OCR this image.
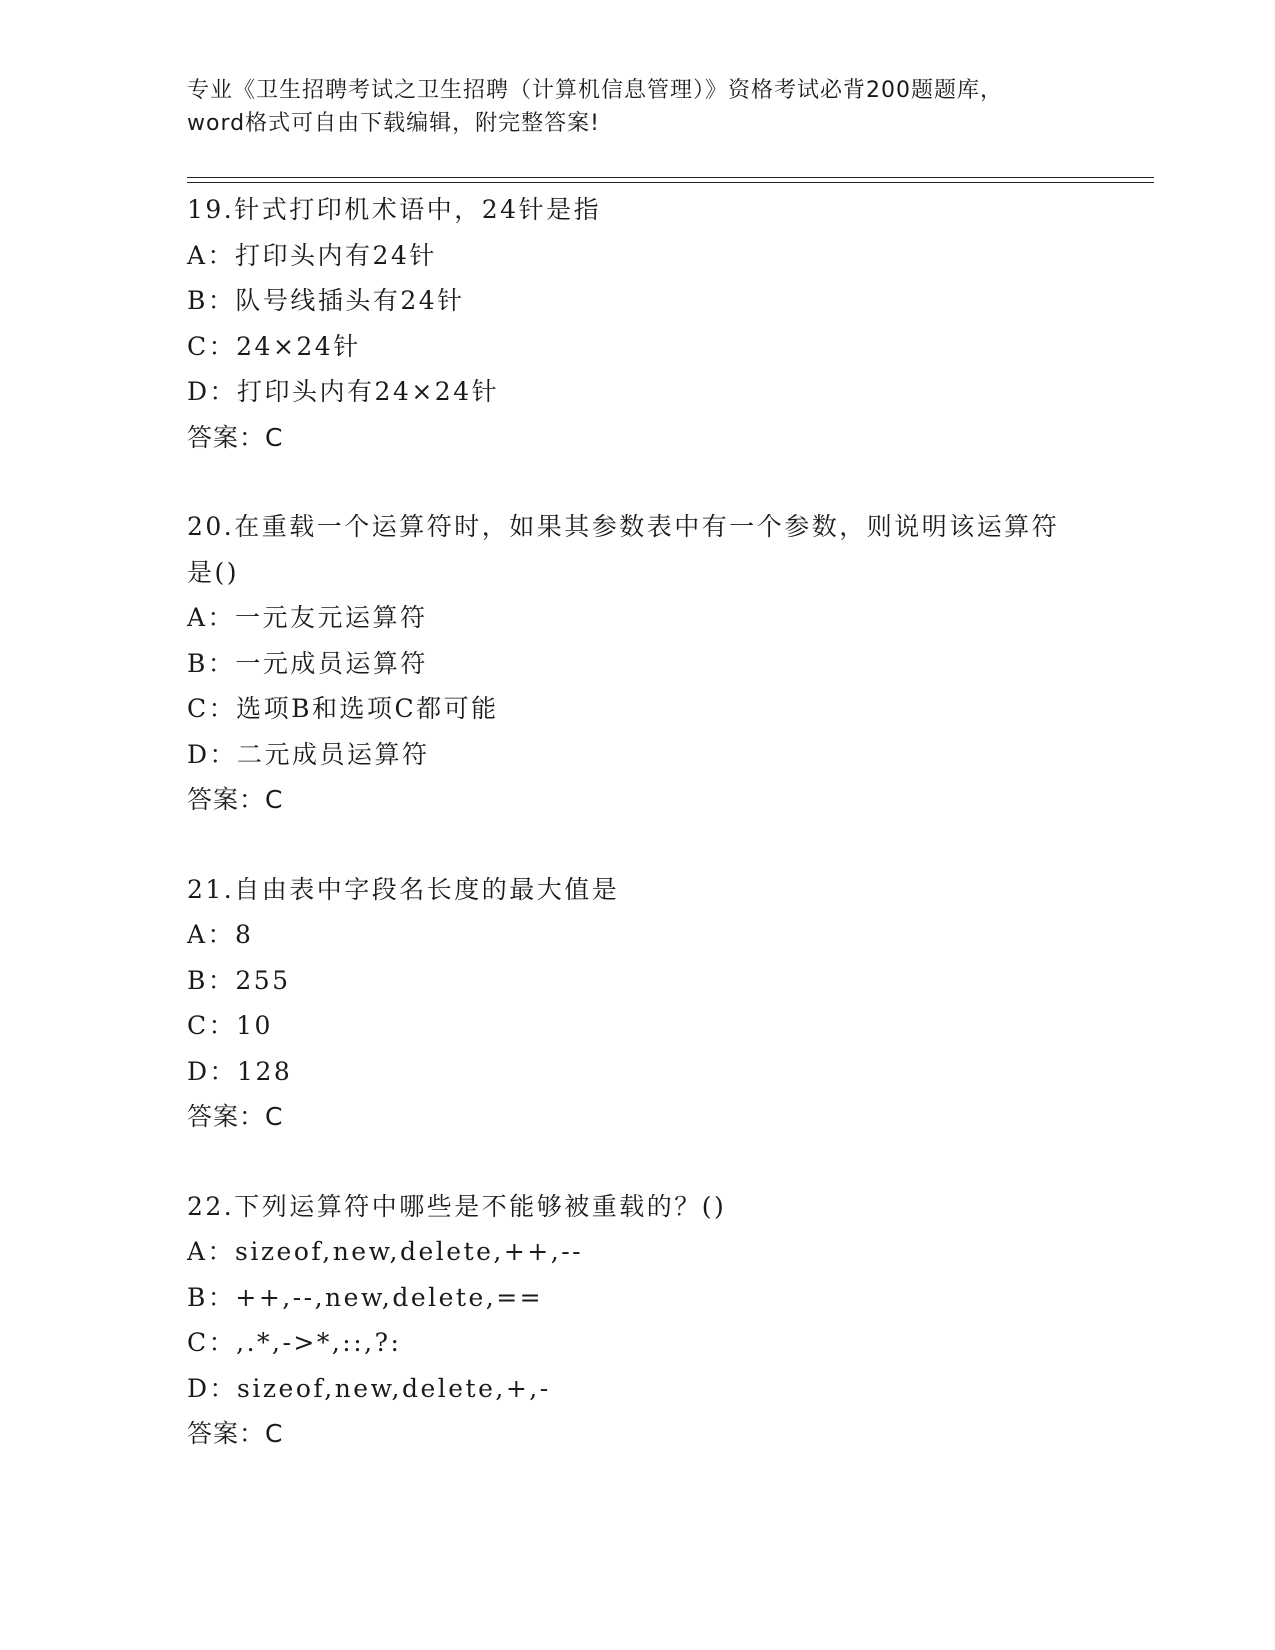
专业《卫生招聘考试之卫生招聘（计算机信息管理）》资格考试必背200题题库，
word格式可自由下载编辑，附完整答案!
19.针式打印机术语中，24针是指
A：打印头内有24针
B：队号线插头有24针
C：24×24针
D：打印头内有24×24针
答案：C
20.在重载一个运算符时，如果其参数表中有一个参数，则说明该运算符是()
A：一元友元运算符
B：一元成员运算符
C：选项B和选项C都可能
D：二元成员运算符
答案：C
21.自由表中字段名长度的最大值是
A：8
B：255
C：10
D：128
答案：C
22.下列运算符中哪些是不能够被重载的？()
A：sizeof,new,delete,++,--
B：++,--,new,delete,==
C：,.*,->*,::,?:
D：sizeof,new,delete,+,-
答案：C
